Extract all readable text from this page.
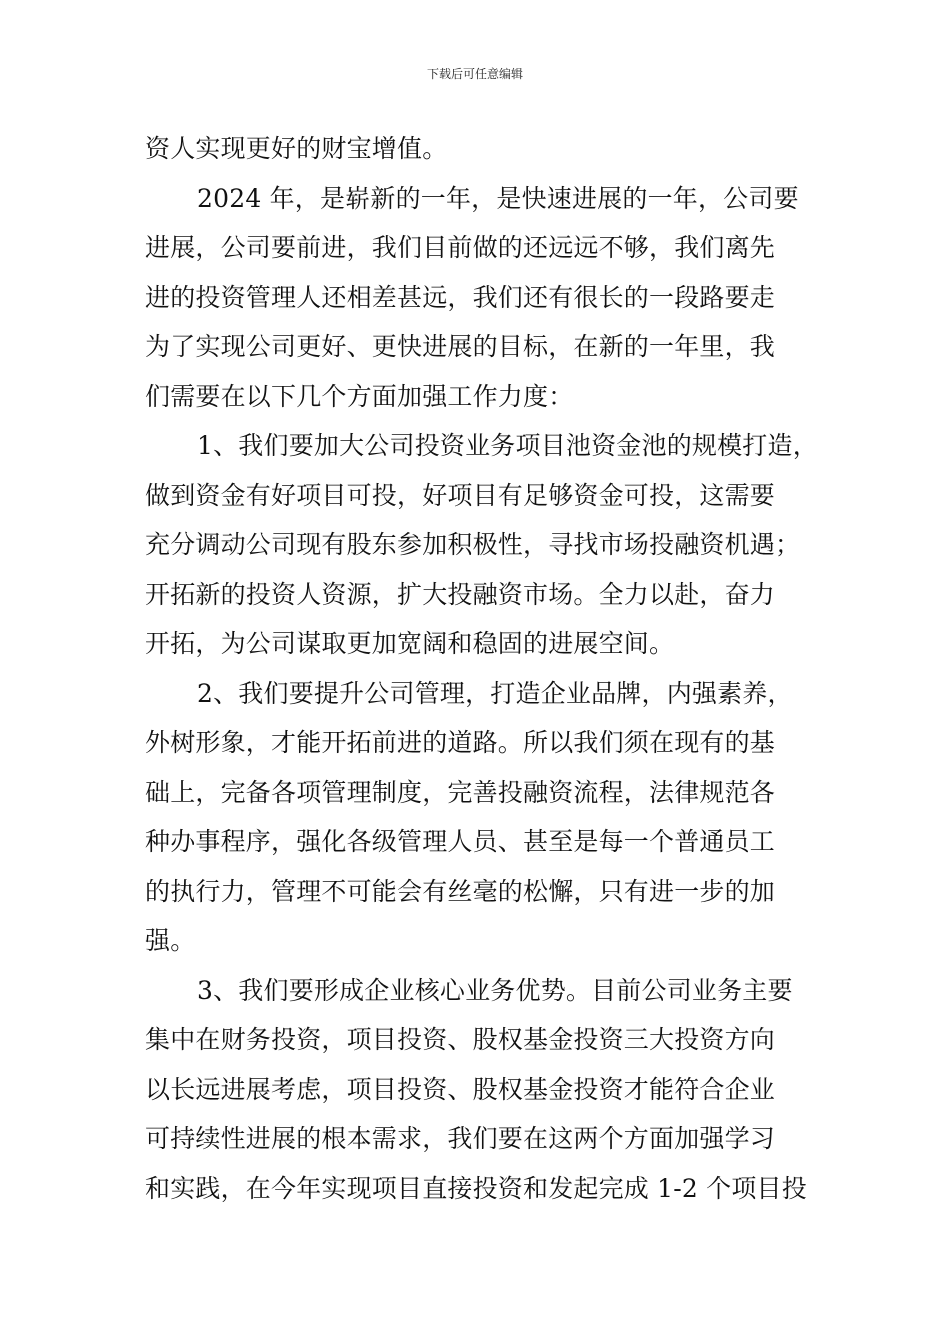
下载后可任意编辑
资人实现更好的财宝增值。
2024 年，是崭新的一年，是快速进展的一年，公司要
进展，公司要前进，我们目前做的还远远不够，我们离先
进的投资管理人还相差甚远，我们还有很长的一段路要走
为了实现公司更好、更快进展的目标，在新的一年里，我
们需要在以下几个方面加强工作力度：
1、我们要加大公司投资业务项目池资金池的规模打造，
做到资金有好项目可投，好项目有足够资金可投，这需要
充分调动公司现有股东参加积极性，寻找市场投融资机遇；
开拓新的投资人资源，扩大投融资市场。全力以赴，奋力
开拓，为公司谋取更加宽阔和稳固的进展空间。
2、我们要提升公司管理，打造企业品牌，内强素养，
外树形象，才能开拓前进的道路。所以我们须在现有的基
础上，完备各项管理制度，完善投融资流程，法律规范各
种办事程序，强化各级管理人员、甚至是每一个普通员工
的执行力，管理不可能会有丝毫的松懈，只有进一步的加
强。
3、我们要形成企业核心业务优势。目前公司业务主要
集中在财务投资，项目投资、股权基金投资三大投资方向
以长远进展考虑，项目投资、股权基金投资才能符合企业
可持续性进展的根本需求，我们要在这两个方面加强学习
和实践，在今年实现项目直接投资和发起完成 1-2 个项目投
